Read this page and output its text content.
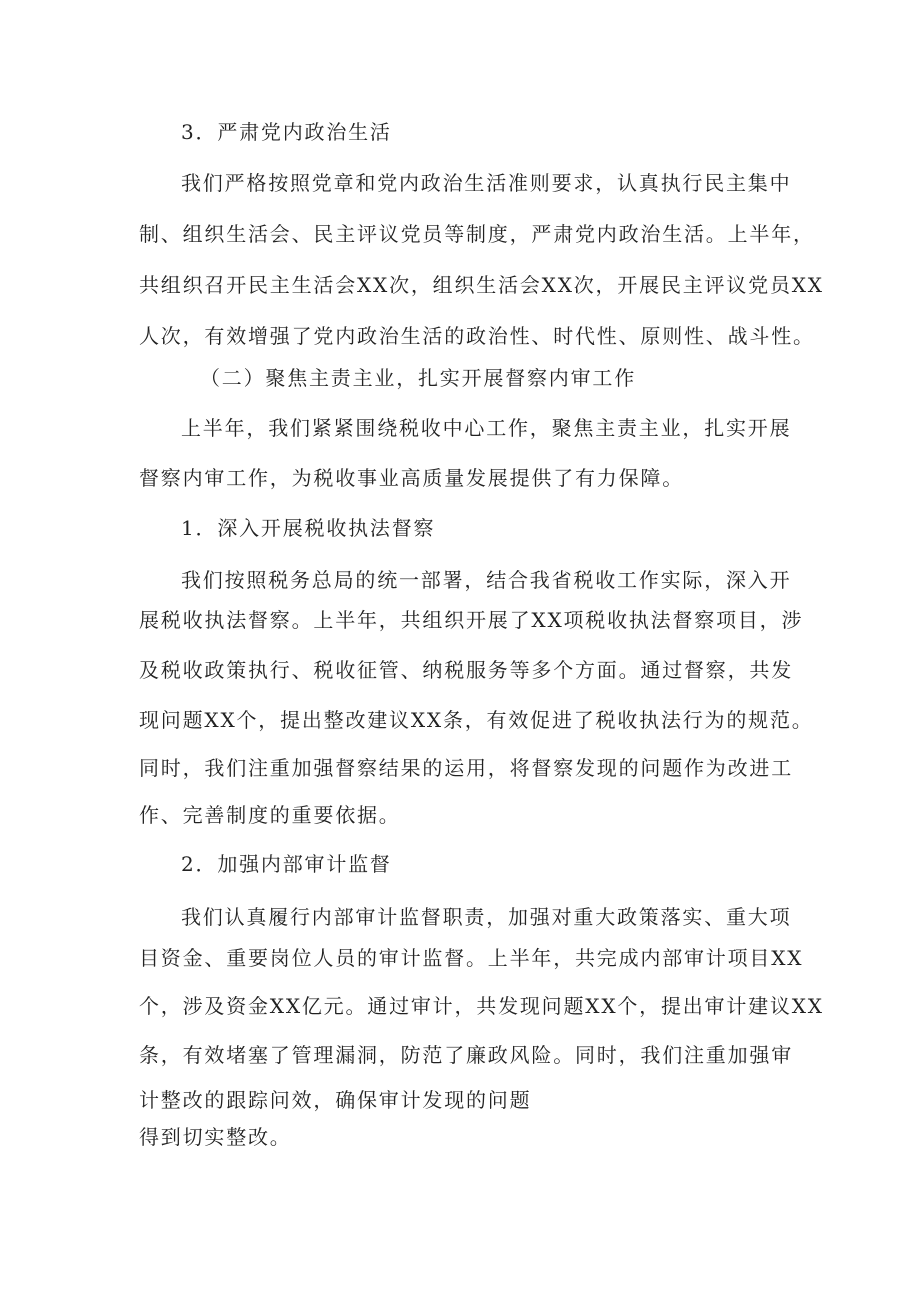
3．严肃党内政治生活

我们严格按照党章和党内政治生活准则要求，认真执行民主集中

制、组织生活会、民主评议党员等制度，严肃党内政治生活。上半年，

共组织召开民主生活会XX次，组织生活会XX次，开展民主评议党员XX

人次，有效增强了党内政治生活的政治性、时代性、原则性、战斗性。

（二）聚焦主责主业，扎实开展督察内审工作

上半年，我们紧紧围绕税收中心工作，聚焦主责主业，扎实开展

督察内审工作，为税收事业高质量发展提供了有力保障。

1．深入开展税收执法督察

我们按照税务总局的统一部署，结合我省税收工作实际，深入开

展税收执法督察。上半年，共组织开展了XX项税收执法督察项目，涉

及税收政策执行、税收征管、纳税服务等多个方面。通过督察，共发

现问题XX个，提出整改建议XX条，有效促进了税收执法行为的规范。

同时，我们注重加强督察结果的运用，将督察发现的问题作为改进工

作、完善制度的重要依据。

2．加强内部审计监督

我们认真履行内部审计监督职责，加强对重大政策落实、重大项

目资金、重要岗位人员的审计监督。上半年，共完成内部审计项目XX

个，涉及资金XX亿元。通过审计，共发现问题XX个，提出审计建议XX

条，有效堵塞了管理漏洞，防范了廉政风险。同时，我们注重加强审

计整改的跟踪问效，确保审计发现的问题

得到切实整改。
